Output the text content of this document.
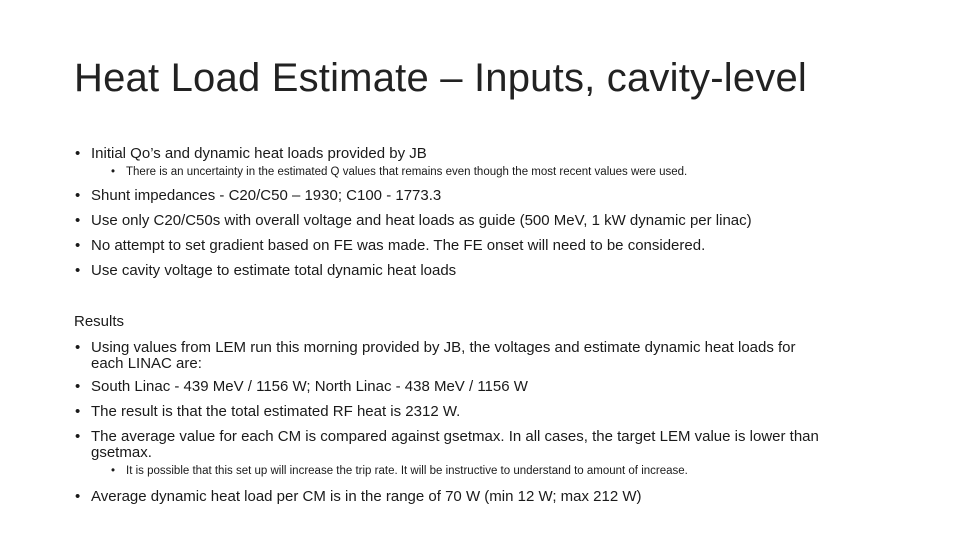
Heat Load Estimate – Inputs, cavity-level
• Initial Qo’s and dynamic heat loads provided by JB
• There is an uncertainty in the estimated Q values that remains even though the most recent values were used.
• Shunt impedances - C20/C50 – 1930; C100 - 1773.3
• Use only C20/C50s with overall voltage and heat loads as guide (500 MeV, 1 kW dynamic per linac)
• No attempt to set gradient based on FE was made. The FE onset will need to be considered.
• Use cavity voltage to estimate total dynamic heat loads
Results
• Using values from LEM run this morning provided by JB, the voltages and estimate dynamic heat loads for
each LINAC are:
• South Linac - 439 MeV / 1156 W; North Linac - 438 MeV / 1156 W
• The result is that the total estimated RF heat is 2312 W.
• The average value for each CM is compared against gsetmax. In all cases, the target LEM value is lower than
gsetmax.
• It is possible that this set up will increase the trip rate. It will be instructive to understand to amount of increase.
• Average dynamic heat load per CM is in the range of 70 W (min 12 W; max 212 W)
